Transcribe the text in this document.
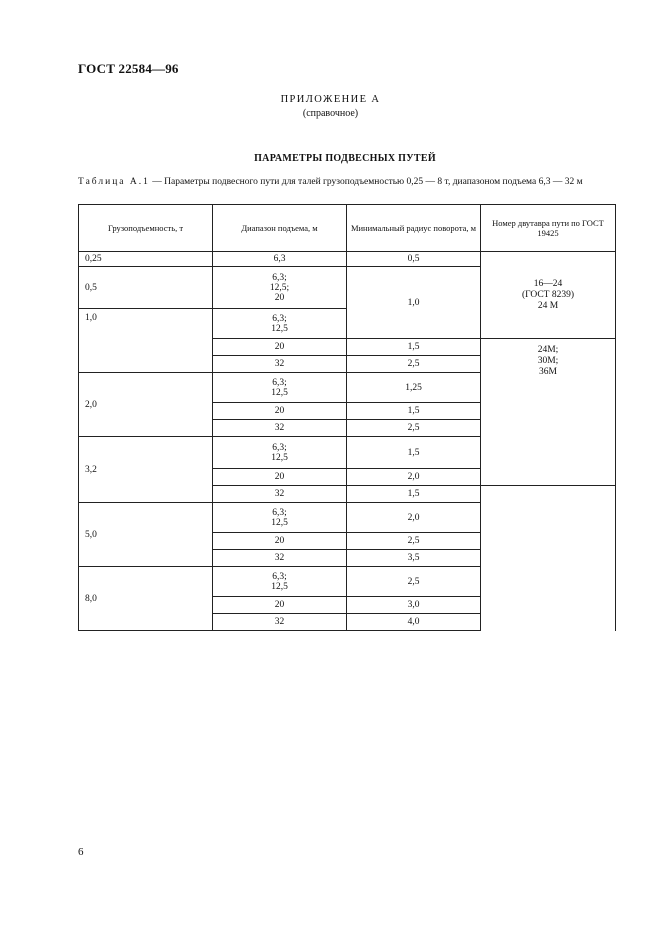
ГОСТ 22584—96
ПРИЛОЖЕНИЕ А
(справочное)
ПАРАМЕТРЫ ПОДВЕСНЫХ ПУТЕЙ
Таблица А.1 — Параметры подвесного пути для талей грузоподъемностью 0,25 — 8 т, диапазоном подъема 6,3 — 32 м
Грузоподъемность, т	Диапазон подъема, м	Минимальный радиус поворота, м	Номер двутавра пути по ГОСТ 19425	
0,25	6,3	0,5	16—24
(ГОСТ 8239)
24 М	

0,5	6,3;
12,5;
20	1,0		
1,0	6,3;
12,5			

	20	1,5	24М;
30М;
36М	

	32	2,5		
2,0	6,3;
12,5	1,25		
	20	1,5		
	32	2,5		
3,2	6,3;
12,5	1,5		
	20	2,0	

	32	1,5		
5,0	6,3;
12,5	2,0		
	20	2,5		
	32	3,5		
8,0	6,3;
12,5	2,5		
	20	3,0		
	32	4,0		
6
